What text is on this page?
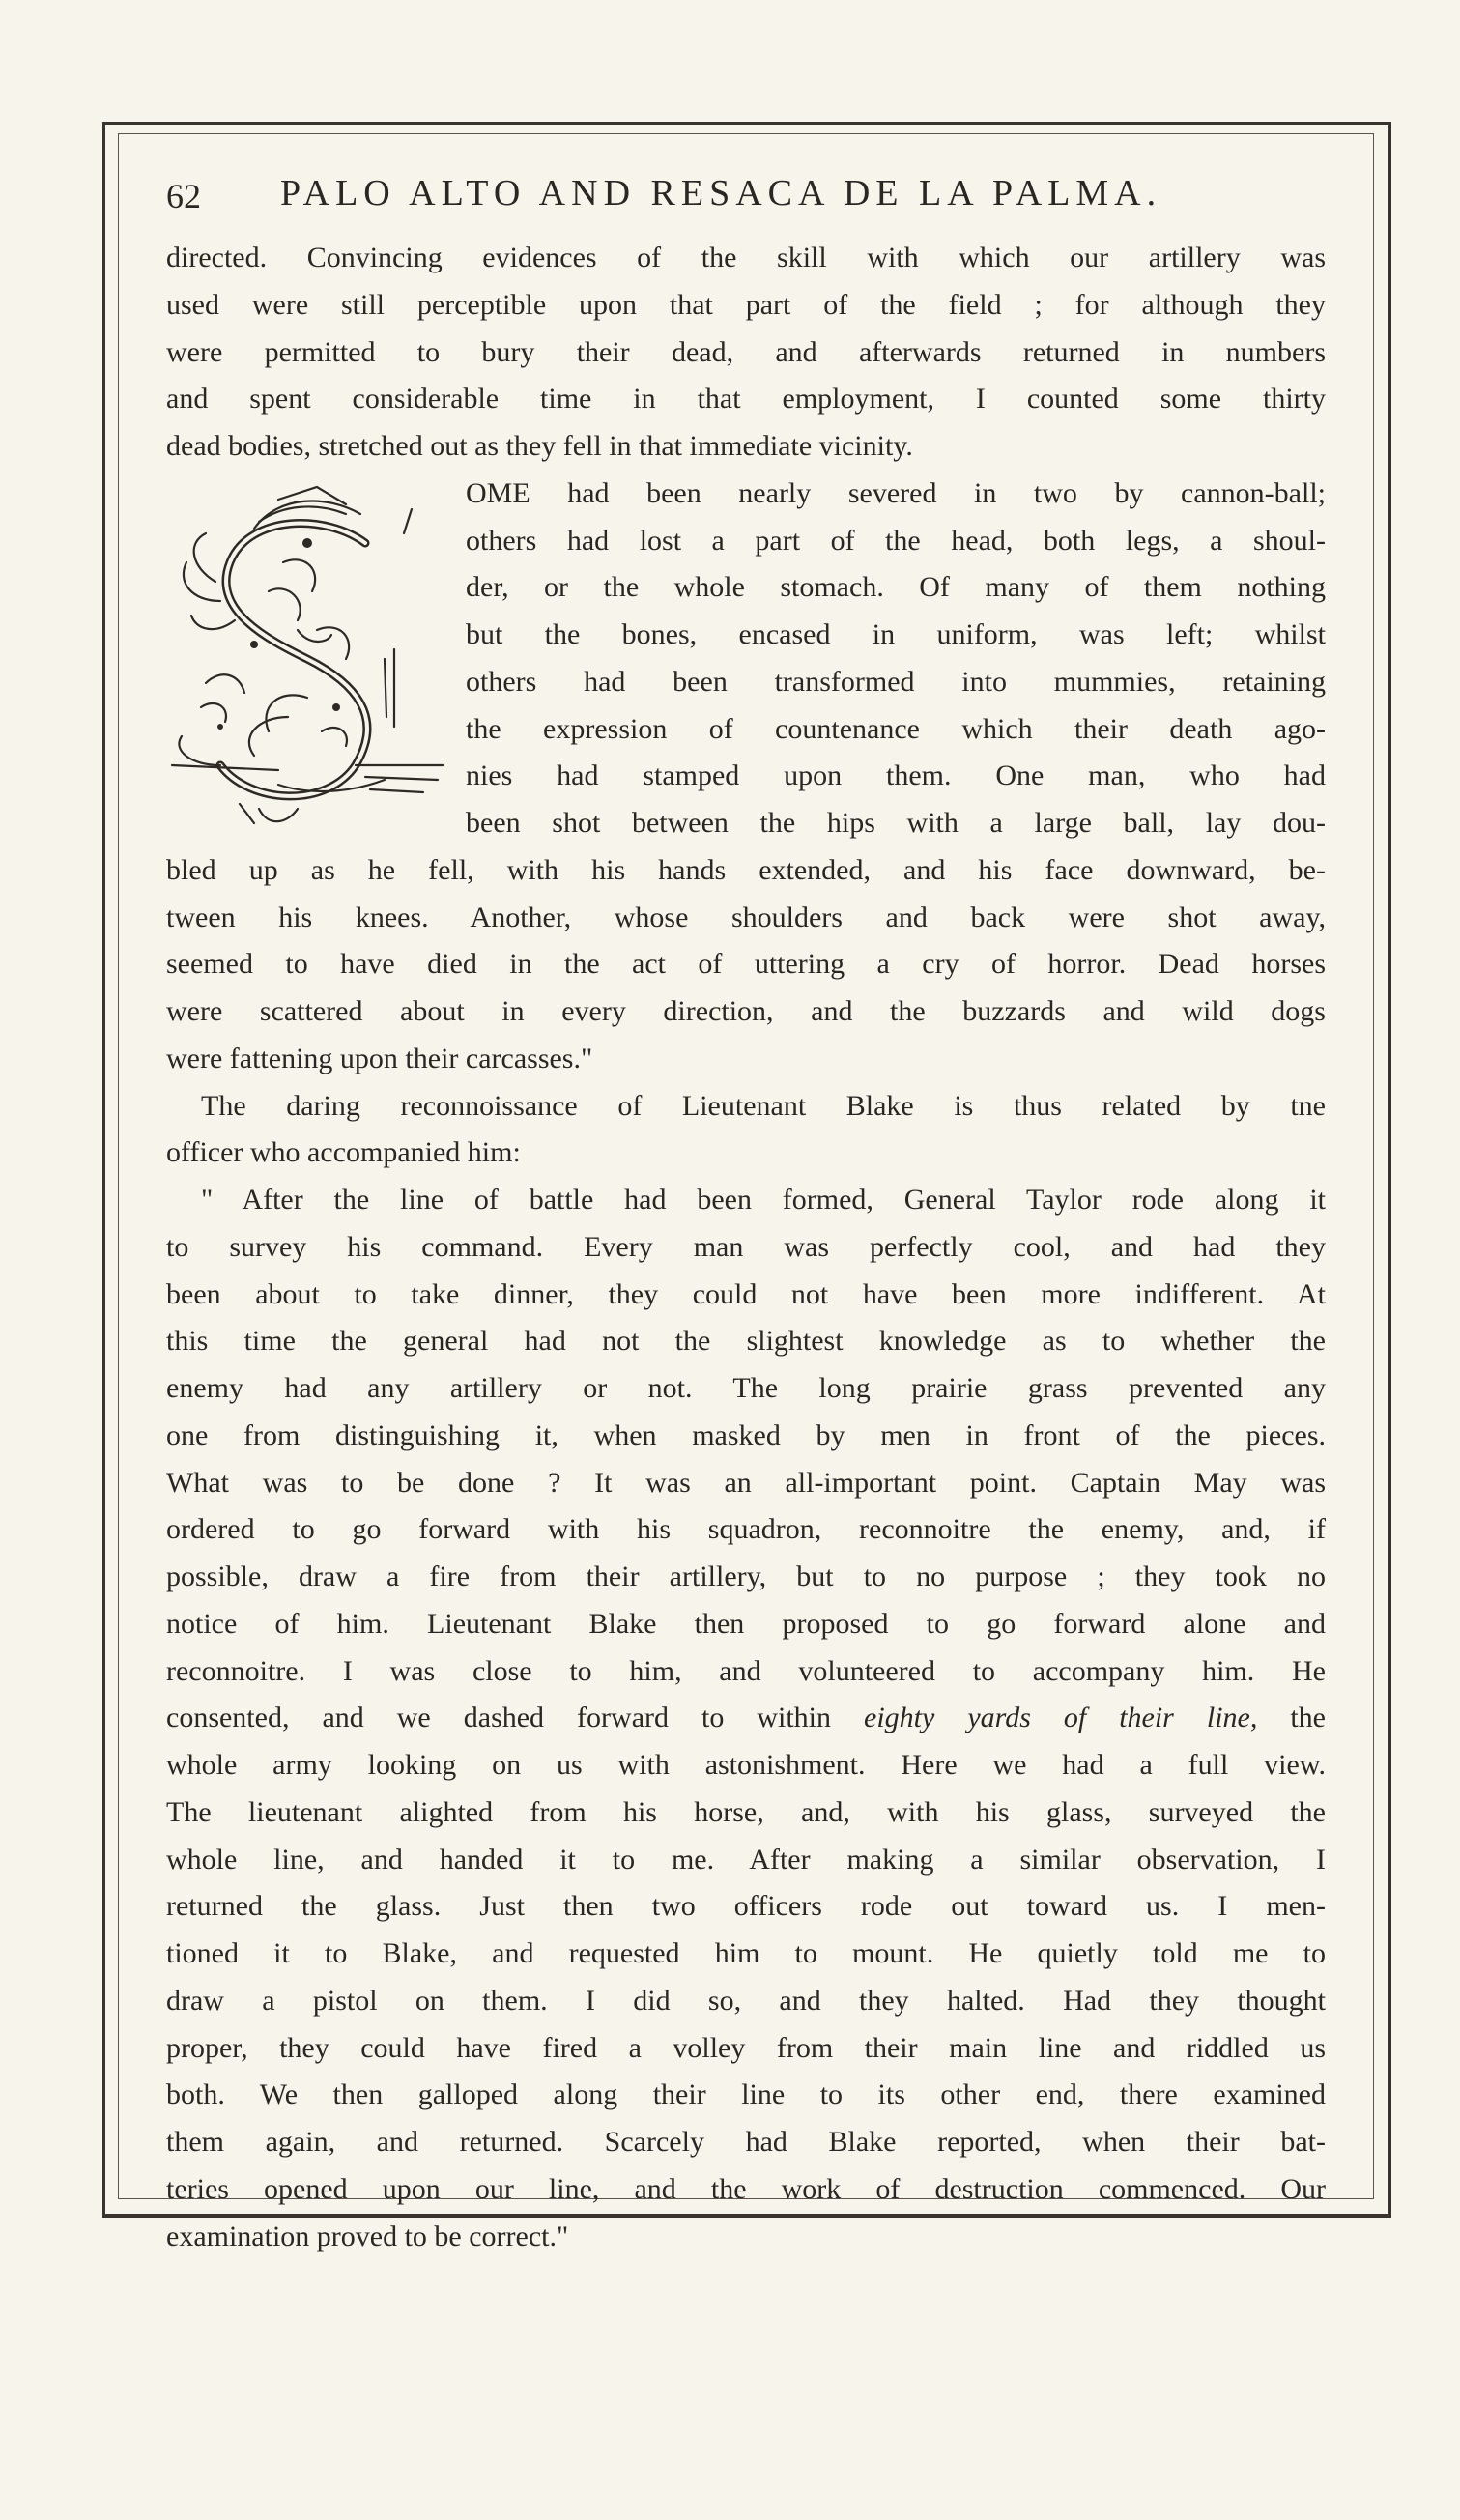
62 PALO ALTO AND RESACA DE LA PALMA.
directed. Convincing evidences of the skill with which our artillery was
used were still perceptible upon that part of the field ; for although they
were permitted to bury their dead, and afterwards returned in numbers
and spent considerable time in that employment, I counted some thirty
dead bodies, stretched out as they fell in that immediate vicinity.
OME had been nearly severed in two by cannon-ball;
others had lost a part of the head, both legs, a shoul-
der, or the whole stomach. Of many of them nothing
but the bones, encased in uniform, was left; whilst
others had been transformed into mummies, retaining
the expression of countenance which their death ago-
nies had stamped upon them. One man, who had
been shot between the hips with a large ball, lay dou-
bled up as he fell, with his hands extended, and his face downward, be-
tween his knees. Another, whose shoulders and back were shot away,
seemed to have died in the act of uttering a cry of horror. Dead horses
were scattered about in every direction, and the buzzards and wild dogs
were fattening upon their carcasses."
The daring reconnoissance of Lieutenant Blake is thus related by tne
officer who accompanied him:
" After the line of battle had been formed, General Taylor rode along it
to survey his command. Every man was perfectly cool, and had they
been about to take dinner, they could not have been more indifferent. At
this time the general had not the slightest knowledge as to whether the
enemy had any artillery or not. The long prairie grass prevented any
one from distinguishing it, when masked by men in front of the pieces.
What was to be done ? It was an all-important point. Captain May was
ordered to go forward with his squadron, reconnoitre the enemy, and, if
possible, draw a fire from their artillery, but to no purpose ; they took no
notice of him. Lieutenant Blake then proposed to go forward alone and
reconnoitre. I was close to him, and volunteered to accompany him. He
consented, and we dashed forward to within eighty yards of their line, the
whole army looking on us with astonishment. Here we had a full view.
The lieutenant alighted from his horse, and, with his glass, surveyed the
whole line, and handed it to me. After making a similar observation, I
returned the glass. Just then two officers rode out toward us. I men-
tioned it to Blake, and requested him to mount. He quietly told me to
draw a pistol on them. I did so, and they halted. Had they thought
proper, they could have fired a volley from their main line and riddled us
both. We then galloped along their line to its other end, there examined
them again, and returned. Scarcely had Blake reported, when their bat-
teries opened upon our line, and the work of destruction commenced. Our
examination proved to be correct."
